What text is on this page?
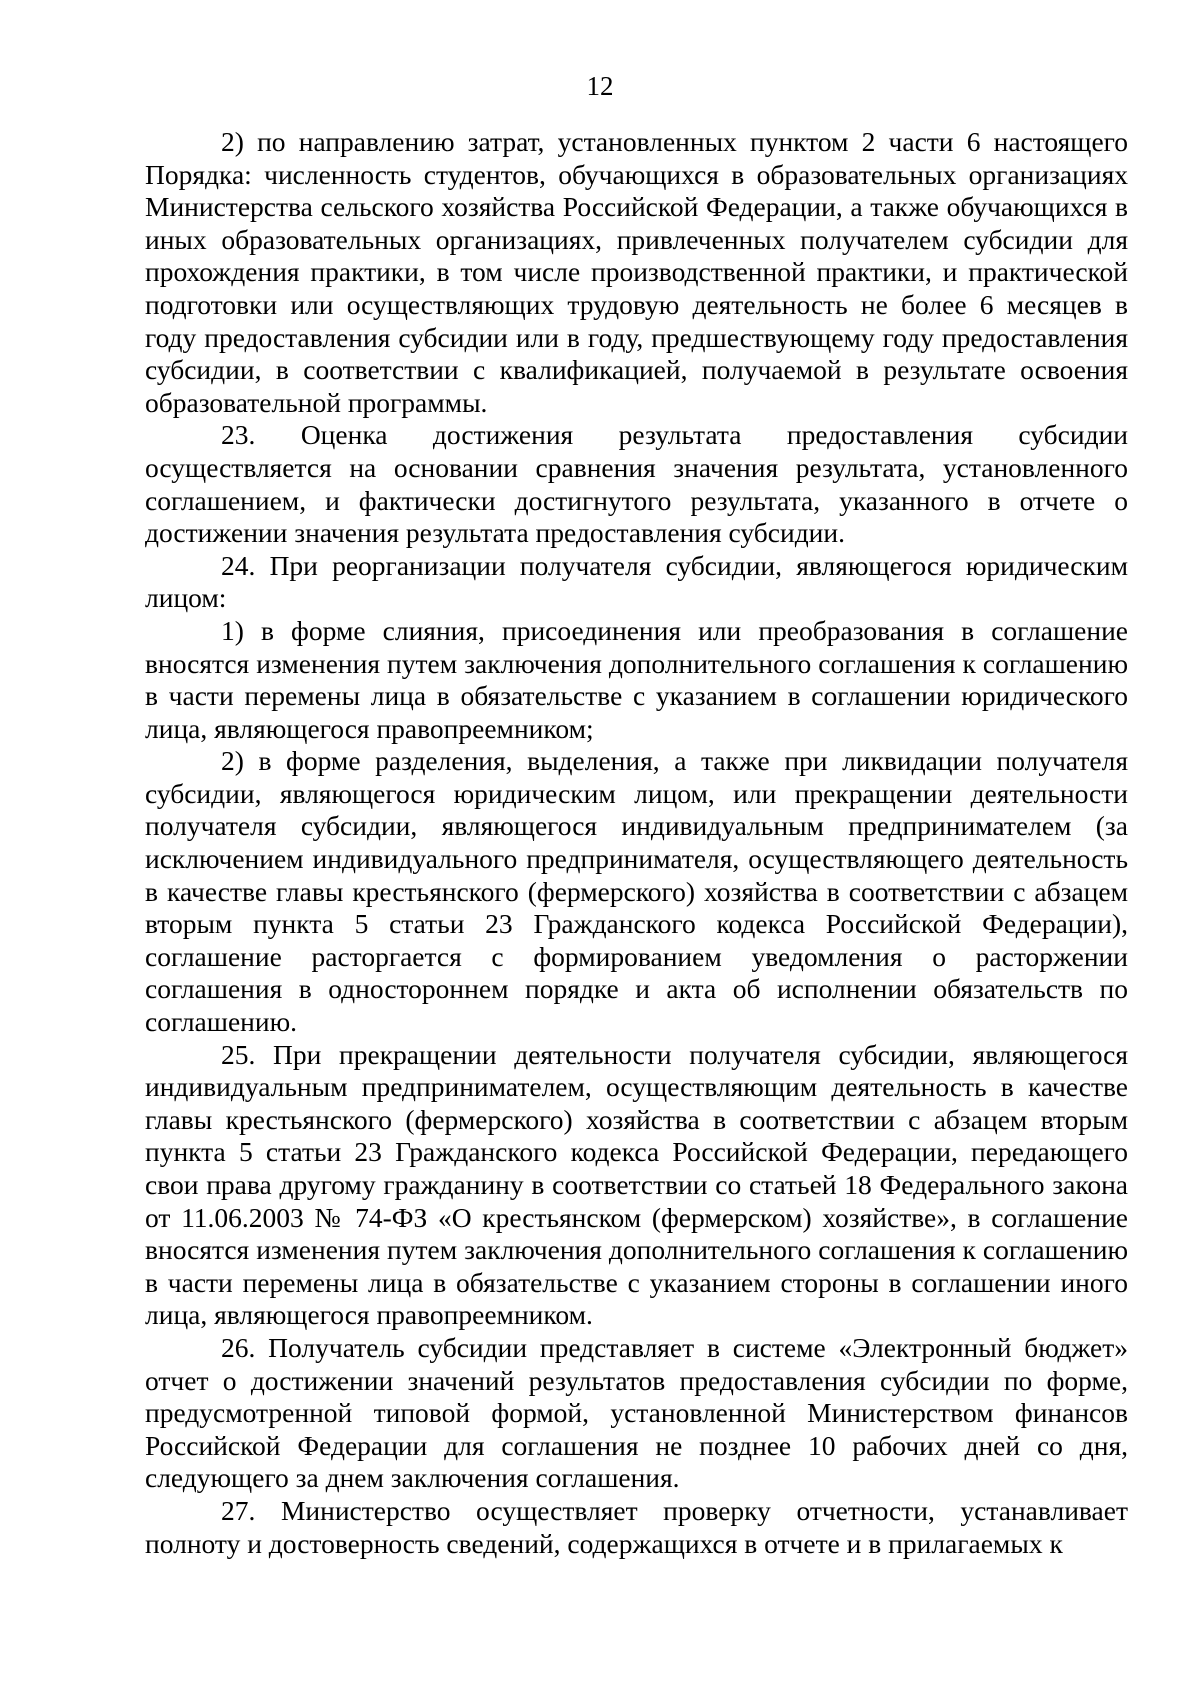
12

2) по направлению затрат, установленных пунктом 2 части 6 настоящего Порядка: численность студентов, обучающихся в образовательных организациях Министерства сельского хозяйства Российской Федерации, а также обучающихся в иных образовательных организациях, привлеченных получателем субсидии для прохождения практики, в том числе производственной практики, и практической подготовки или осуществляющих трудовую деятельность не более 6 месяцев в году предоставления субсидии или в году, предшествующему году предоставления субсидии, в соответствии с квалификацией, получаемой в результате освоения образовательной программы.

23. Оценка достижения результата предоставления субсидии осуществляется на основании сравнения значения результата, установленного соглашением, и фактически достигнутого результата, указанного в отчете о достижении значения результата предоставления субсидии.

24. При реорганизации получателя субсидии, являющегося юридическим лицом:

1) в форме слияния, присоединения или преобразования в соглашение вносятся изменения путем заключения дополнительного соглашения к соглашению в части перемены лица в обязательстве с указанием в соглашении юридического лица, являющегося правопреемником;

2) в форме разделения, выделения, а также при ликвидации получателя субсидии, являющегося юридическим лицом, или прекращении деятельности получателя субсидии, являющегося индивидуальным предпринимателем (за исключением индивидуального предпринимателя, осуществляющего деятельность в качестве главы крестьянского (фермерского) хозяйства в соответствии с абзацем вторым пункта 5 статьи 23 Гражданского кодекса Российской Федерации), соглашение расторгается с формированием уведомления о расторжении соглашения в одностороннем порядке и акта об исполнении обязательств по соглашению.

25. При прекращении деятельности получателя субсидии, являющегося индивидуальным предпринимателем, осуществляющим деятельность в качестве главы крестьянского (фермерского) хозяйства в соответствии с абзацем вторым пункта 5 статьи 23 Гражданского кодекса Российской Федерации, передающего свои права другому гражданину в соответствии со статьей 18 Федерального закона от 11.06.2003 № 74-ФЗ «О крестьянском (фермерском) хозяйстве», в соглашение вносятся изменения путем заключения дополнительного соглашения к соглашению в части перемены лица в обязательстве с указанием стороны в соглашении иного лица, являющегося правопреемником.

26. Получатель субсидии представляет в системе «Электронный бюджет» отчет о достижении значений результатов предоставления субсидии по форме, предусмотренной типовой формой, установленной Министерством финансов Российской Федерации для соглашения не позднее 10 рабочих дней со дня, следующего за днем заключения соглашения.

27. Министерство осуществляет проверку отчетности, устанавливает полноту и достоверность сведений, содержащихся в отчете и в прилагаемых к
